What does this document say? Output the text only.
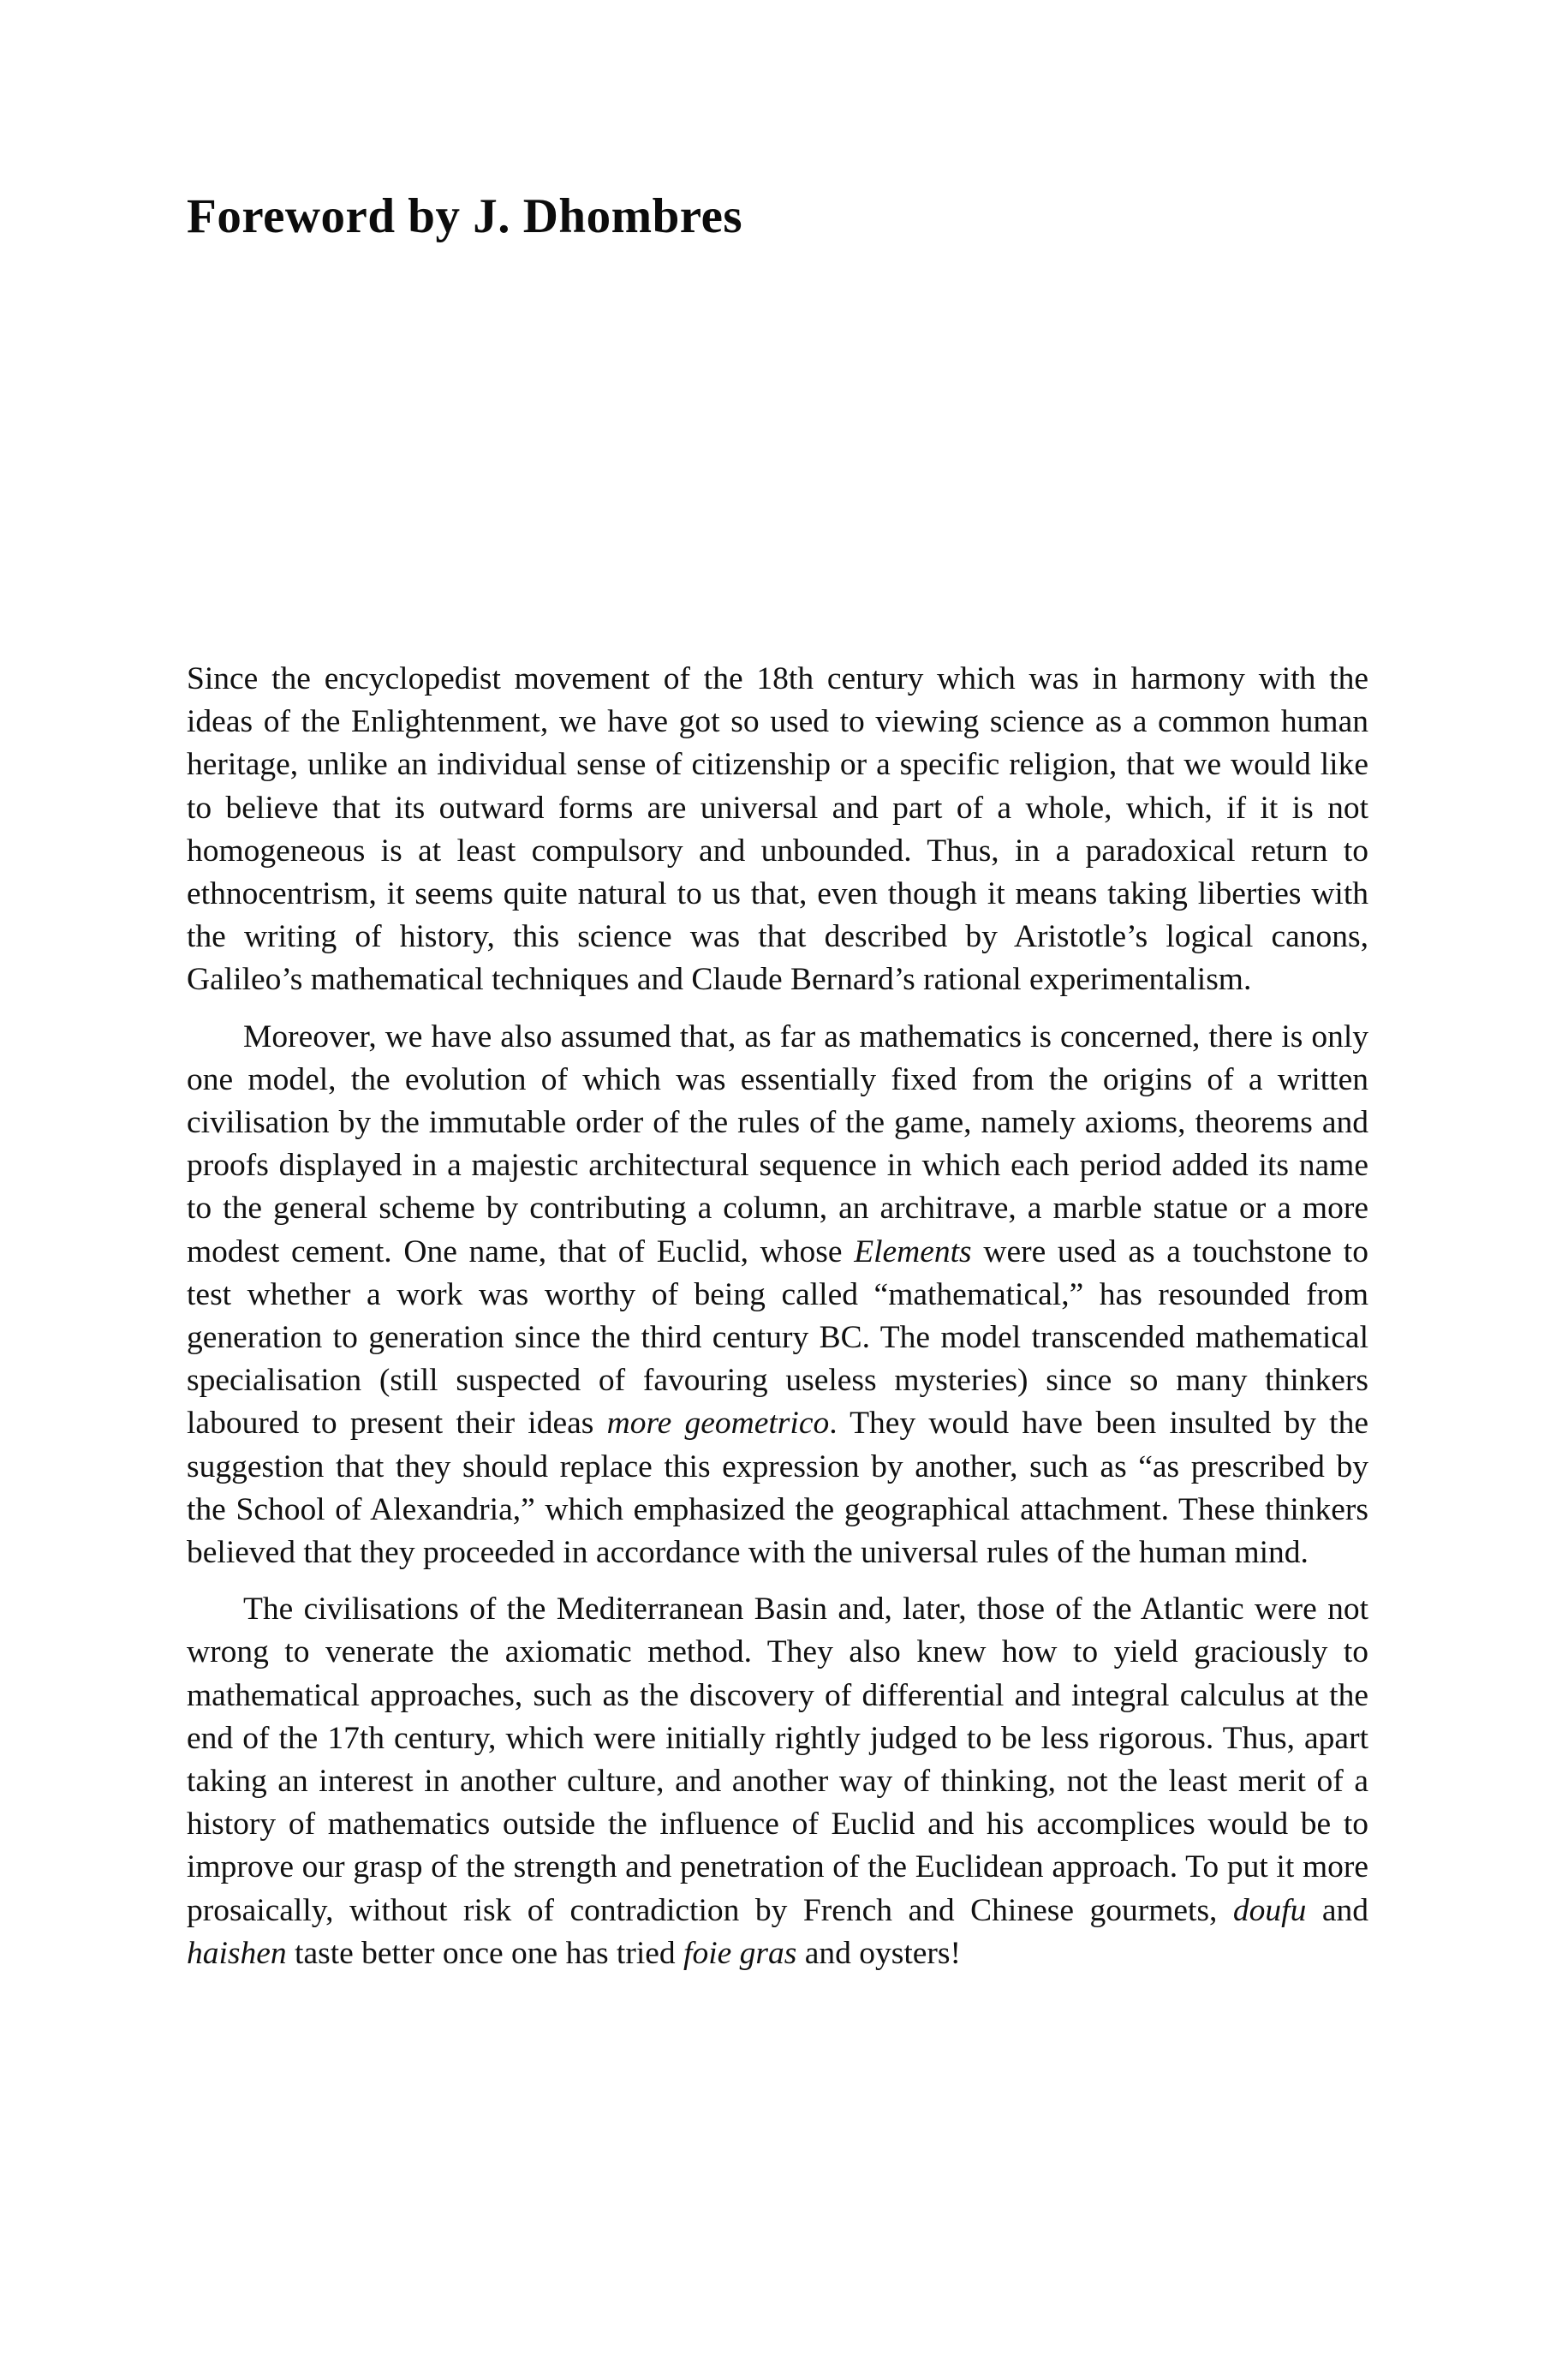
Foreword by J. Dhombres

Since the encyclopedist movement of the 18th century which was in harmony with the ideas of the Enlightenment, we have got so used to viewing science as a common human heritage, unlike an individual sense of citizenship or a specific religion, that we would like to believe that its outward forms are universal and part of a whole, which, if it is not homogeneous is at least compulsory and unbounded. Thus, in a paradoxical return to ethnocentrism, it seems quite natural to us that, even though it means taking liberties with the writing of history, this science was that described by Aristotle’s logical canons, Galileo’s mathematical techniques and Claude Bernard’s rational experimentalism.

Moreover, we have also assumed that, as far as mathematics is concerned, there is only one model, the evolution of which was essentially fixed from the origins of a written civilisation by the immutable order of the rules of the game, namely axioms, theorems and proofs displayed in a majestic architectural sequence in which each period added its name to the general scheme by contributing a column, an architrave, a marble statue or a more modest cement. One name, that of Euclid, whose Elements were used as a touchstone to test whether a work was worthy of being called “mathematical,” has resounded from generation to generation since the third century BC. The model transcended mathematical specialisation (still suspected of favouring useless mysteries) since so many thinkers laboured to present their ideas more geometrico. They would have been insulted by the suggestion that they should replace this expression by another, such as “as prescribed by the School of Alexandria,” which emphasized the geographical attachment. These thinkers believed that they proceeded in accordance with the universal rules of the human mind.

The civilisations of the Mediterranean Basin and, later, those of the Atlantic were not wrong to venerate the axiomatic method. They also knew how to yield graciously to mathematical approaches, such as the discovery of differential and integral calculus at the end of the 17th century, which were initially rightly judged to be less rigorous. Thus, apart taking an interest in another culture, and another way of thinking, not the least merit of a history of mathematics outside the influence of Euclid and his accomplices would be to improve our grasp of the strength and penetration of the Euclidean approach. To put it more prosaically, without risk of contradiction by French and Chinese gourmets, doufu and haishen taste better once one has tried foie gras and oysters!
